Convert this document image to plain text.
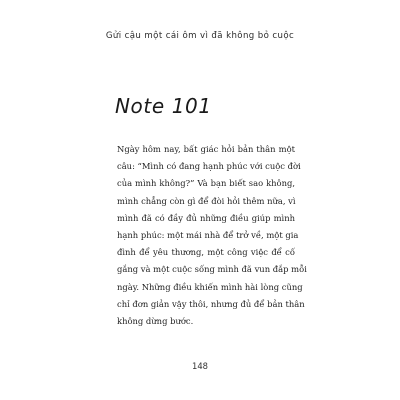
Gửi cậu một cái ôm vì đã không bỏ cuộc
Note 101
Ngày hôm nay, bất giác hỏi bản thân một
câu: “Mình có đang hạnh phúc với cuộc đời
của mình không?” Và bạn biết sao không,
mình chẳng còn gì để đòi hỏi thêm nữa, vì
mình đã có đầy đủ những điều giúp mình
hạnh phúc: một mái nhà để trở về, một gia
đình để yêu thương, một công việc để cố
gắng và một cuộc sống mình đã vun đắp mỗi
ngày. Những điều khiến mình hài lòng cũng
chỉ đơn giản vậy thôi, nhưng đủ để bản thân
không dừng bước.
148
